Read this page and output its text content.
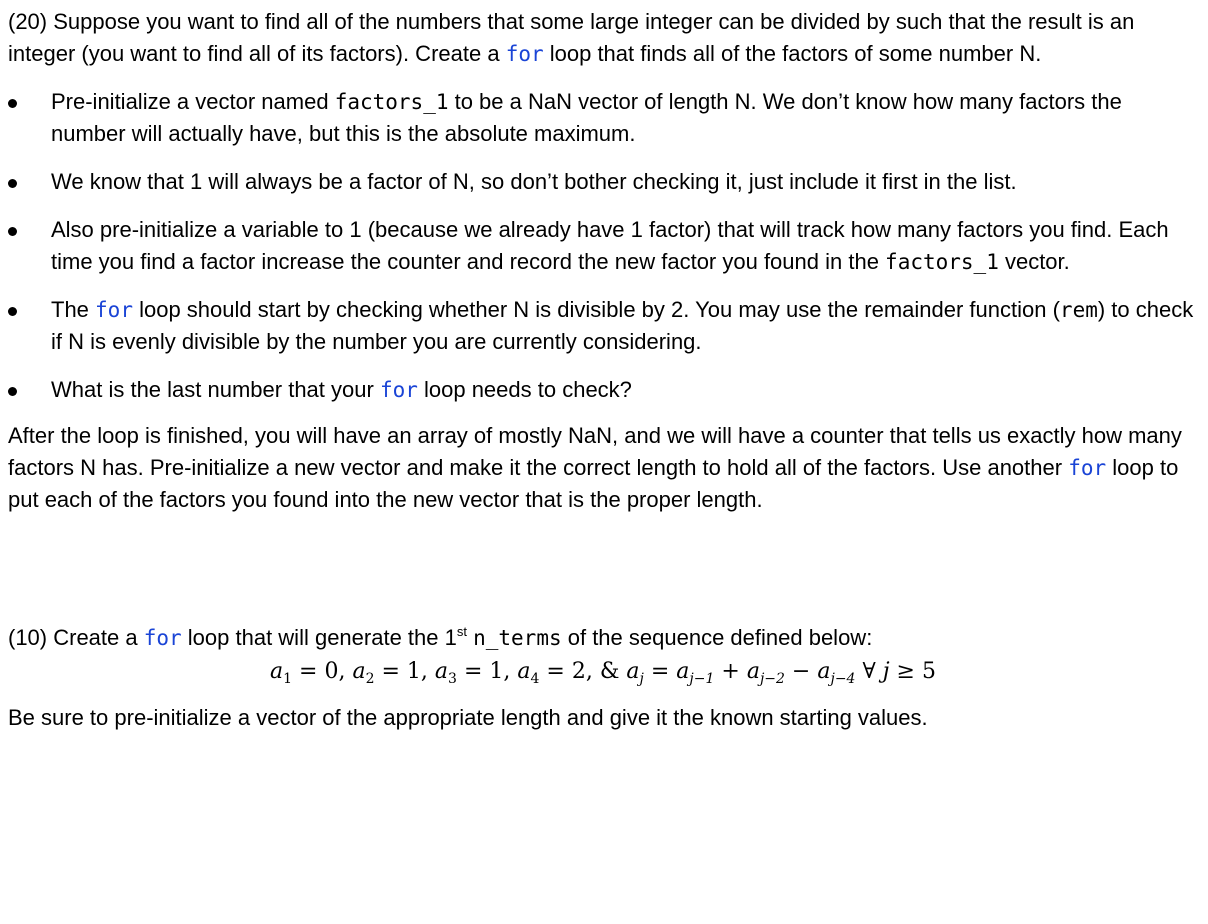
(20) Suppose you want to find all of the numbers that some large integer can be divided by such that the result is an integer (you want to find all of its factors). Create a for loop that finds all of the factors of some number N.

Pre-initialize a vector named factors_1 to be a NaN vector of length N. We don’t know how many factors the number will actually have, but this is the absolute maximum.
We know that 1 will always be a factor of N, so don’t bother checking it, just include it first in the list.
Also pre-initialize a variable to 1 (because we already have 1 factor) that will track how many factors you find. Each time you find a factor increase the counter and record the new factor you found in the factors_1 vector.
The for loop should start by checking whether N is divisible by 2. You may use the remainder function (rem) to check if N is evenly divisible by the number you are currently considering.
What is the last number that your for loop needs to check?

After the loop is finished, you will have an array of mostly NaN, and we will have a counter that tells us exactly how many factors N has. Pre-initialize a new vector and make it the correct length to hold all of the factors. Use another for loop to put each of the factors you found into the new vector that is the proper length.

(10) Create a for loop that will generate the 1st n_terms of the sequence defined below:

$a_1 = 0$, $a_2 = 1$, $a_3 = 1$, $a_4 = 2$, & $a_j = a_{j-1} + a_{j-2} - a_{j-4}$ ∀ j ≥ 5

Be sure to pre-initialize a vector of the appropriate length and give it the known starting values.
